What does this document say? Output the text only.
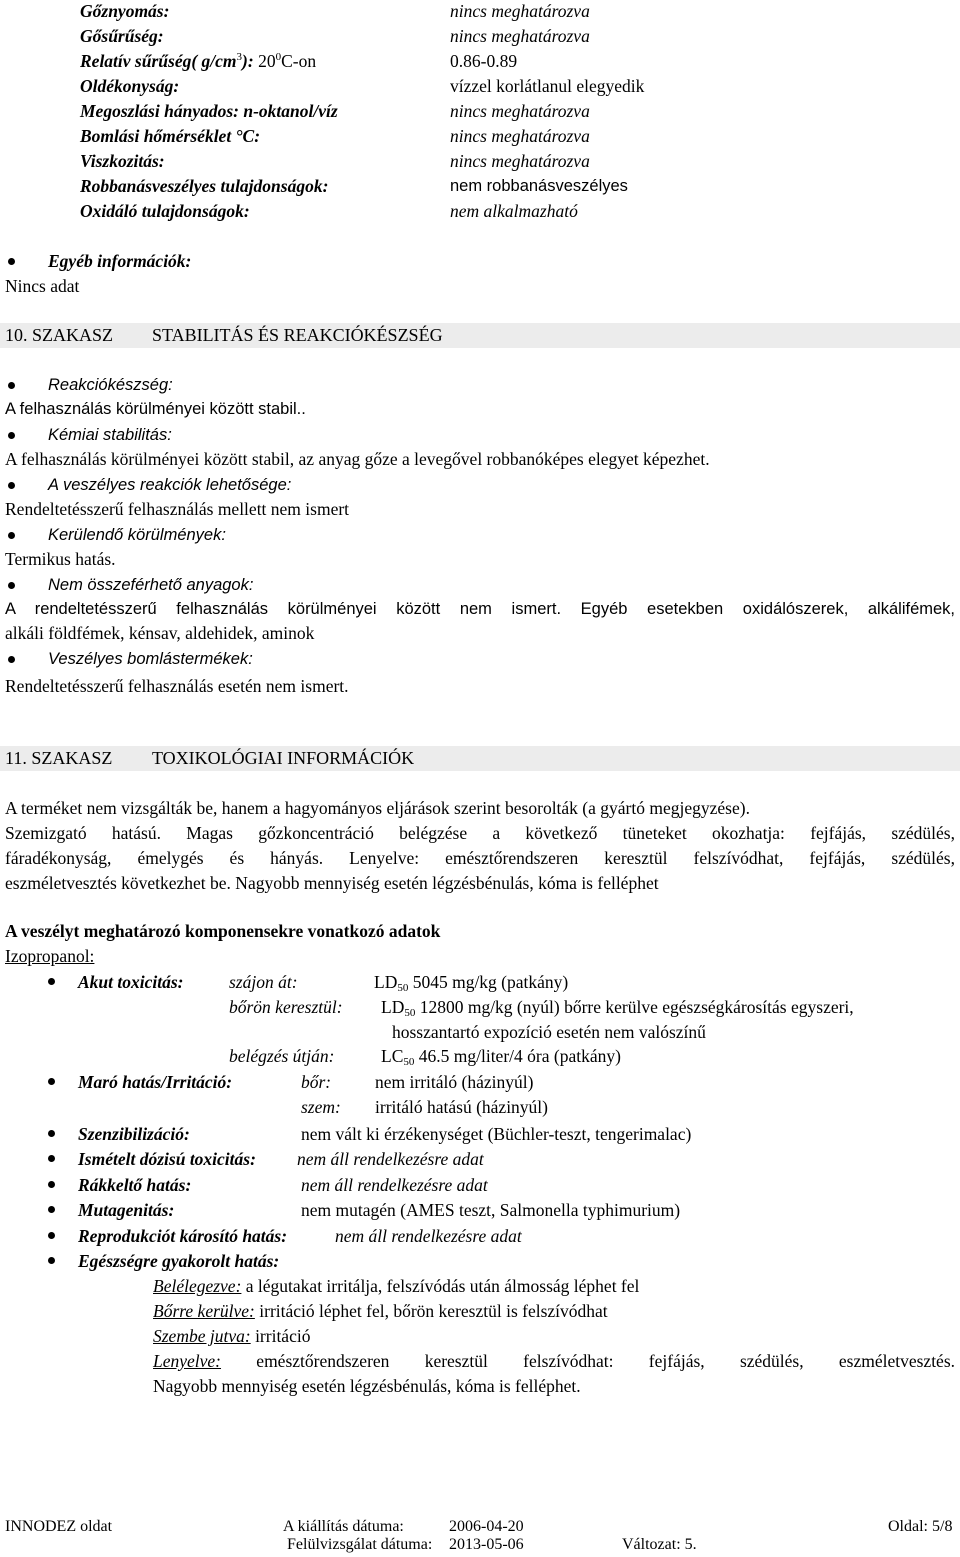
Gőznyomás:	nincs meghatározva
Gősűrűség:	nincs meghatározva
Relatív sűrűség( $g/cm^3$): $20^0C-on$	0.86-0.89
Oldékonyság:	vízzel korlátlanul elegyedik
Megoszlási hányados: n-oktanol/víz	nincs meghatározva
Bomlási hőmérséklet °C:	nincs meghatározva
Viszkozitás:	nincs meghatározva
Robbanásveszélyes tulajdonságok:	nem robbanásveszélyes
Oxidáló tulajdonságok:	nem alkalmazható
Egyéb információk:
Nincs adat
10. SZAKASZ STABILITÁS ÉS REAKCIÓKÉSZSÉG
Reakciókészség:
A felhasználás körülményei között stabil..
Kémiai stabilitás:
A felhasználás körülményei között stabil, az anyag gőze a levegővel robbanóképes elegyet képezhet.
A veszélyes reakciók lehetősége:
Rendeltetésszerű felhasználás mellett nem ismert
Kerülendő körülmények:
Termikus hatás.
Nem összeférhető anyagok:
A rendeltetésszerű felhasználás körülményei között nem ismert. Egyéb esetekben oxidálószerek, alkálifémek,
alkáli földfémek, kénsav, aldehidek, aminok
Veszélyes bomlástermékek:
Rendeltetésszerű felhasználás esetén nem ismert.
11. SZAKASZ TOXIKOLÓGIAI INFORMÁCIÓK
A terméket nem vizsgálták be, hanem a hagyományos eljárások szerint besorolták (a gyártó megjegyzése).
Szemizgató hatású. Magas gőzkoncentráció belégzése a következő tüneteket okozhatja: fejfájás, szédülés,
fáradékonyság, émelygés és hányás. Lenyelve: emésztőrendszeren keresztül felszívódhat, fejfájás, szédülés,
eszméletvesztés következhet be. Nagyobb mennyiség esetén légzésbénulás, kóma is felléphet
A veszélyt meghatározó komponensekre vonatkozó adatok
Izopropanol:
Akut toxicitás:	szájon át:	$LD_{50}$ 5045 mg/kg (patkány)
bőrön keresztül: $LD_{50}$ 12800 mg/kg (nyúl) bőrre kerülve egészségkárosítás egyszeri,
hosszantartó expozíció esetén nem valószínű
belégzés útján:	$LC_{50}$ 46.5 mg/liter/4 óra (patkány)
Maró hatás/Irritáció:	bőr:	nem irritáló (házinyúl)
szem: irritáló hatású (házinyúl)
Szenzibilizáció:	nem vált ki érzékenységet (Büchler-teszt, tengerimalac)
Ismételt dózisú toxicitás: nem áll rendelkezésre adat
Rákkeltő hatás:	nem áll rendelkezésre adat
Mutagenitás:	nem mutagén (AMES teszt, Salmonella typhimurium)
Reprodukciót károsító hatás:	nem áll rendelkezésre adat
Egészségre gyakorolt hatás:
Belélegezve: a légutakat irritálja, felszívódás után álmosság léphet fel
Bőrre kerülve: irritáció léphet fel, bőrön keresztül is felszívódhat
Szembe jutva: irritáció
Lenyelve: emésztőrendszeren keresztül felszívódhat: fejfájás, szédülés, eszméletvesztés.
Nagyobb mennyiség esetén légzésbénulás, kóma is felléphet.
INNODEZ oldat	A kiállítás dátuma:	2006-04-20	Oldal: 5/8
Felülvizsgálat dátuma: 2013-05-06	Változat: 5.
